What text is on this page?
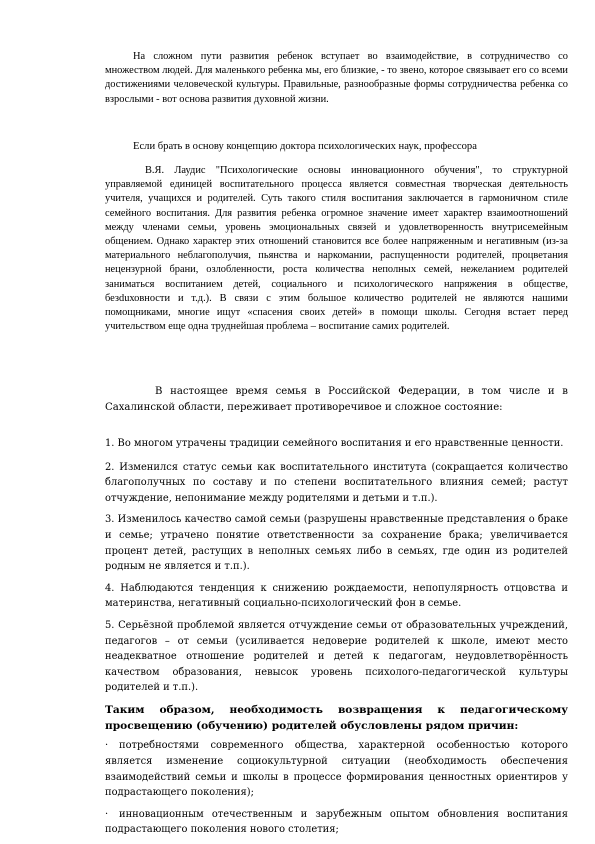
На сложном пути развития ребенок вступает во взаимодействие, в сотрудничество со множеством людей. Для маленького ребенка мы, его близкие, - то звено, которое связывает его со всеми достижениями человеческой культуры. Правильные, разнообразные формы сотрудничества ребенка со взрослыми - вот основа развития духовной жизни.

Если брать в основу концепцию доктора психологических наук, профессора

В.Я. Лаудис "Психологические основы инновационного обучения", то структурной управляемой единицей воспитательного процесса является совместная творческая деятельность учителя, учащихся и родителей. Суть такого стиля воспитания заключается в гармоничном стиле семейного воспитания. Для развития ребенка огромное значение имеет характер взаимоотношений между членами семьи, уровень эмоциональных связей и удовлетворенность внутрисемейным общением. Однако характер этих отношений становится все более напряженным и негативным (из-за материального неблагополучия, пьянства и наркомании, распущенности родителей, процветания нецензурной брани, озлобленности, роста количества неполных семей, нежеланием родителей заниматься воспитанием детей, социального и психологического напряжения в обществе, безduховности и т.д.). В связи с этим большое количество родителей не являются нашими помощниками, многие ищут «спасения своих детей» в помощи школы. Сегодня встает перед учительством еще одна труднейшая проблема – воспитание самих родителей.

В настоящее время семья в Российской Федерации, в том числе и в Сахалинской области, переживает противоречивое и сложное состояние:

1. Во многом утрачены традиции семейного воспитания и его нравственные ценности.

2. Изменился статус семьи как воспитательного института (сокращается количество благополучных по составу и по степени воспитательного влияния семей; растут отчуждение, непонимание между родителями и детьми и т.п.).

3. Изменилось качество самой семьи (разрушены нравственные представления о браке и семье; утрачено понятие ответственности за сохранение брака; увеличивается процент детей, растущих в неполных семьях либо в семьях, где один из родителей родным не является и т.п.).

4. Наблюдаются тенденция к снижению рождаемости, непопулярность отцовства и материнства, негативный социально-психологический фон в семье.

5. Серьёзной проблемой является отчуждение семьи от образовательных учреждений, педагогов – от семьи (усиливается недоверие родителей к школе, имеют место неадекватное отношение родителей и детей к педагогам, неудовлетворённость качеством образования, невысок уровень психолого-педагогической культуры родителей и т.п.).

Таким образом, необходимость возвращения к педагогическому просвещению (обучению) родителей обусловлены рядом причин:

· потребностями современного общества, характерной особенностью которого является изменение социокультурной ситуации (необходимость обеспечения взаимодействий семьи и школы в процессе формирования ценностных ориентиров у подрастающего поколения);

· инновационным отечественным и зарубежным опытом обновления воспитания подрастающего поколения нового столетия;
